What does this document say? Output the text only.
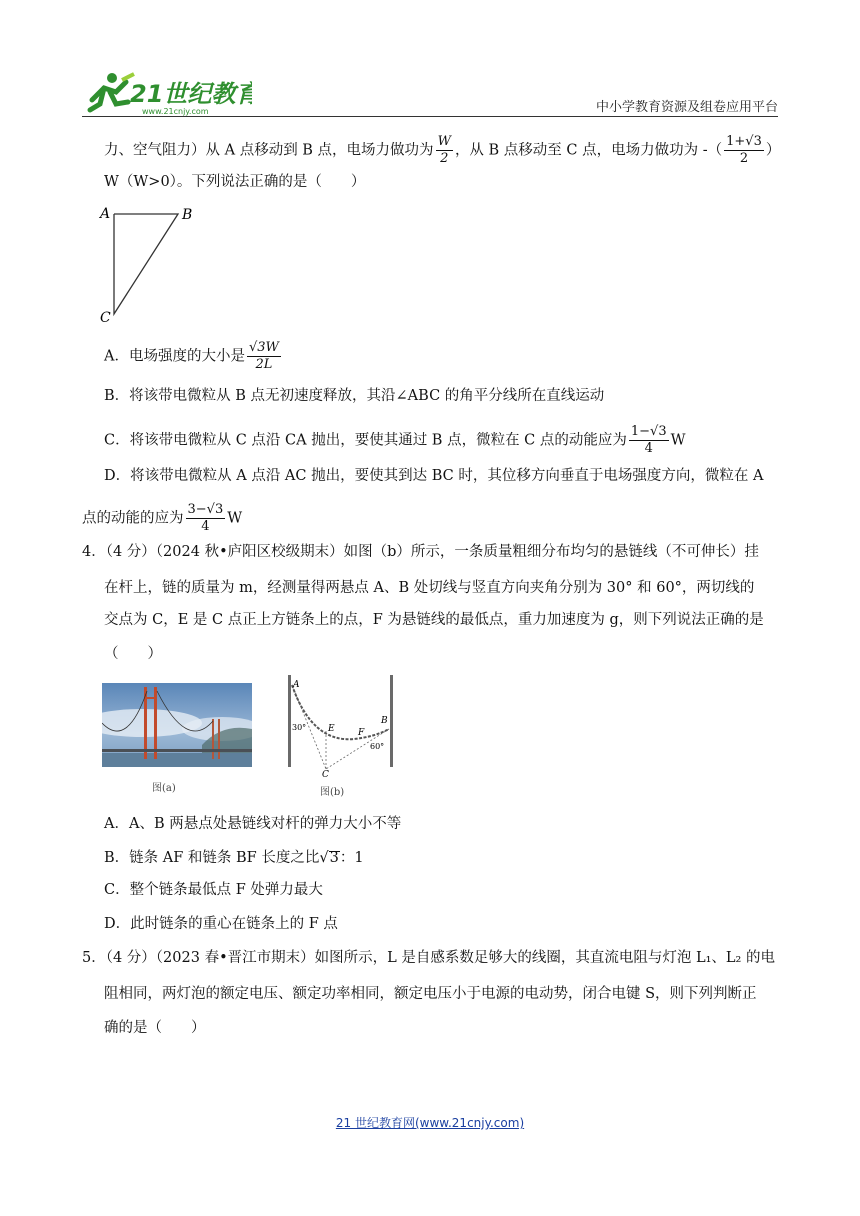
21世纪教育
www.21cnjy.com	中小学教育资源及组卷应用平台
力、空气阻力）从 A 点移动到 B 点，电场力做功为 $\frac{W}{2}$ ，从 B 点移动至 C 点，电场力做功为 -（ $\frac{1+√3}{2}$ ）
W（W>0）。下列说法正确的是（　　）
A	B
C
A．电场强度的大小是 $\frac{√3W}{2L}$
B．将该带电微粒从 B 点无初速度释放，其沿∠ABC 的角平分线所在直线运动
C．将该带电微粒从 C 点沿 CA 抛出，要使其通过 B 点，微粒在 C 点的动能应为 $\frac{1-√3}{4}$ W
D．将该带电微粒从 A 点沿 AC 抛出，要使其到达 BC 时，其位移方向垂直于电场强度方向，微粒在 A
点的动能的应为 $\frac{3-√3}{4}$ W
4．（4 分）（2024 秋•庐阳区校级期末）如图（b）所示，一条质量粗细分布均匀的悬链线（不可伸长）挂
在杆上，链的质量为 m，经测量得两悬点 A、B 处切线与竖直方向夹角分别为 30° 和 60°，两切线的
交点为 C，E 是 C 点正上方链条上的点，F 为悬链线的最低点，重力加速度为 g，则下列说法正确的是
（　　）
图(a)
A
30° E	F
B
60°
C
图(b)
A．A、B 两悬点处悬链线对杆的弹力大小不等
B．链条 AF 和链条 BF 长度之比√3：1
C．整个链条最低点 F 处弹力最大
D．此时链条的重心在链条上的 F 点
5．（4 分）（2023 春•晋江市期末）如图所示，L 是自感系数足够大的线圈，其直流电阻与灯泡 L₁、L₂ 的电
阻相同，两灯泡的额定电压、额定功率相同，额定电压小于电源的电动势，闭合电键 S，则下列判断正
确的是（　　）
21 世纪教育网(www.21cnjy.com)
